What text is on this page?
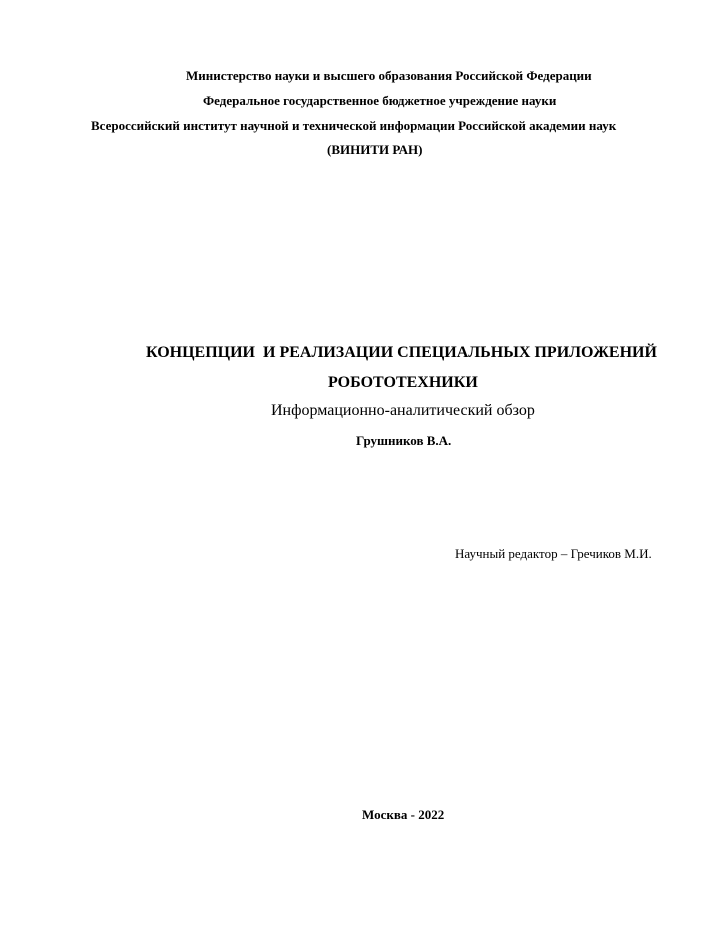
Министерство науки и высшего образования Российской Федерации
Федеральное государственное бюджетное учреждение науки
Всероссийский институт научной и технической информации Российской академии наук
(ВИНИТИ РАН)
КОНЦЕПЦИИ  И РЕАЛИЗАЦИИ СПЕЦИАЛЬНЫХ ПРИЛОЖЕНИЙ
РОБОТОТЕХНИКИ
Информационно-аналитический обзор
Грушников В.А.
Научный редактор – Гречиков М.И.
Москва - 2022
